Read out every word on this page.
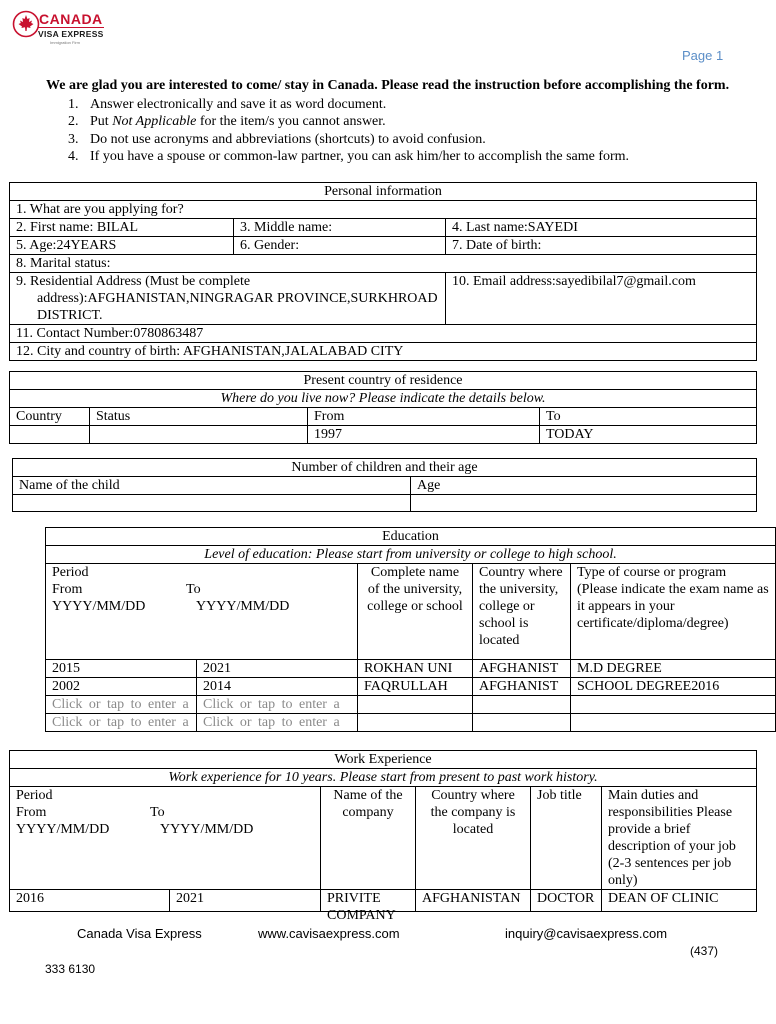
CANADA
VISA EXPRESS
Immigration Firm
Page 1
We are glad you are interested to come/ stay in Canada. Please read the instruction before accomplishing the form.
1. Answer electronically and save it as word document.
2. Put Not Applicable for the item/s you cannot answer.
3. Do not use acronyms and abbreviations (shortcuts) to avoid confusion.
4. If you have a spouse or common-law partner, you can ask him/her to accomplish the same form.
Personal information		
1. What are you applying for?		
2. First name: BILAL	3. Middle name:	4. Last name:SAYEDI
5. Age:24YEARS	6. Gender:	7. Date of birth:
8. Marital status:		

9. Residential Address (Must be complete
address):AFGHANISTAN,NINGRAGAR PROVINCE,SURKHROAD
DISTRICT.		10. Email address:sayedibilal7@gmail.com
11. Contact Number:0780863487		
12. City and country of birth: AFGHANISTAN,JALALABAD CITY		
Present country of residence			
Where do you live now? Please indicate the details below.			
Country	Status	From	To
		1997	TODAY
Number of children and their age	
Name of the child	Age

Education				
Level of education: Please start from university or college to high school.				

Period
From To
YYYY/MM/DD YYYY/MM/DD		Complete name of the university, college or school	Country where the university, college or school is located	Type of course or program (Please indicate the exam name as it appears in your certificate/diploma/degree)
2015	2021	ROKHAN UNI	AFGHANIST	M.D DEGREE
2002	2014	FAQRULLAH	AFGHANIST	SCHOOL DEGREE2016
Click or tap to enter a	Click or tap to enter a			
Click or tap to enter a	Click or tap to enter a			
Work Experience					
Work experience for 10 years. Please start from present to past work history.					

Period
From To
YYYY/MM/DD YYYY/MM/DD		Name of the company	Country where the company is located	Job title	Main duties and responsibilities Please provide a brief description of your job (2-3 sentences per job only)
2016	2021	PRIVITE COMPANY	AFGHANISTAN	DOCTOR	DEAN OF CLINIC
Canada Visa Express	www.cavisaexpress.com	inquiry@cavisaexpress.com
(437)
333 6130
